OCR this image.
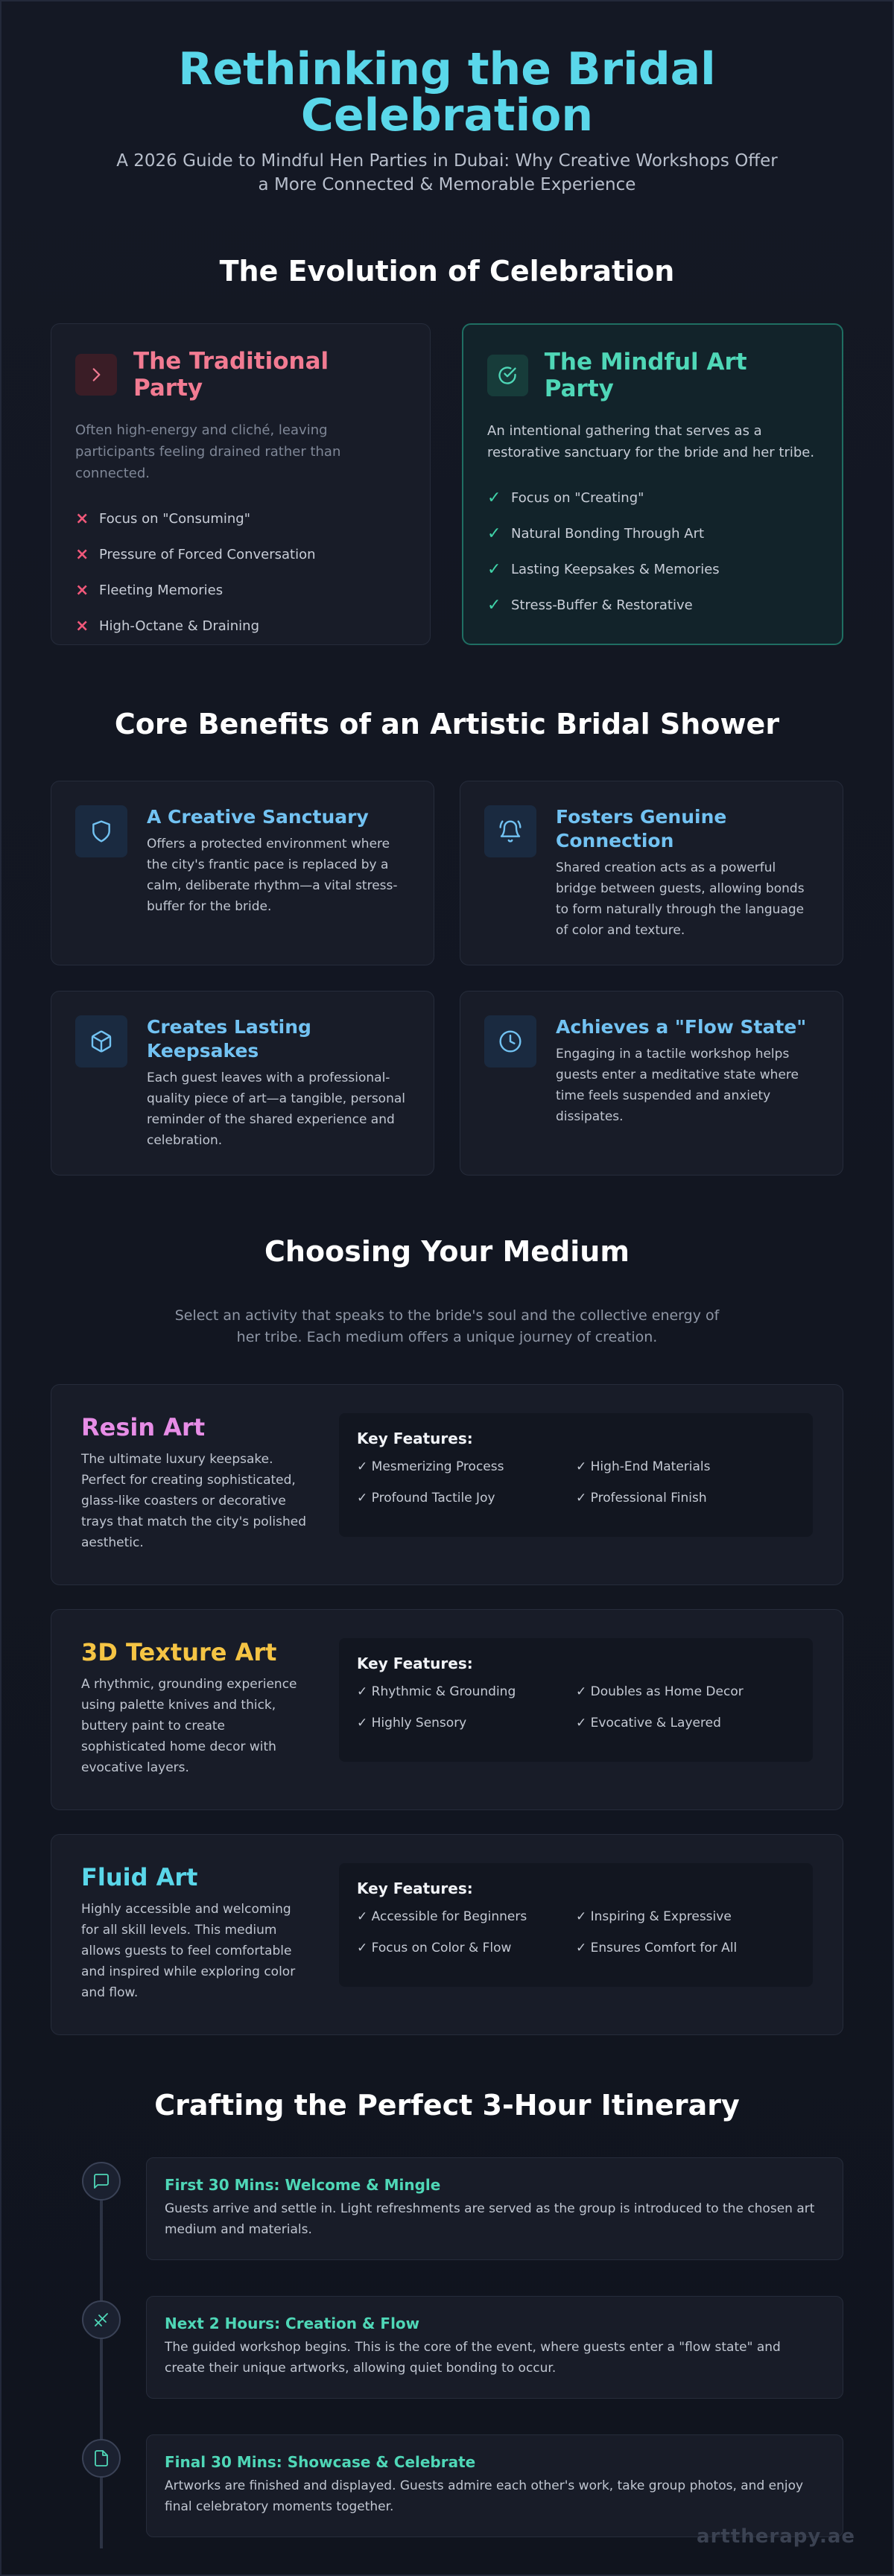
Rethinking the Bridal Celebration

A 2026 Guide to Mindful Hen Parties in Dubai: Why Creative Workshops Offer a More Connected & Memorable Experience

The Evolution of Celebration
The Traditional Party

Often high-energy and cliché, leaving participants feeling drained rather than connected.

× Focus on "Consuming"
× Pressure of Forced Conversation
× Fleeting Memories
× High-Octane & Draining
The Mindful Art Party

An intentional gathering that serves as a restorative sanctuary for the bride and her tribe.

✓ Focus on "Creating"
✓ Natural Bonding Through Art
✓ Lasting Keepsakes & Memories
✓ Stress-Buffer & Restorative
Core Benefits of an Artistic Bridal Shower
A Creative Sanctuary

Offers a protected environment where the city's frantic pace is replaced by a calm, deliberate rhythm—a vital stress-buffer for the bride.

Fosters Genuine Connection

Shared creation acts as a powerful bridge between guests, allowing bonds to form naturally through the language of color and texture.

Creates Lasting Keepsakes

Each guest leaves with a professional-quality piece of art—a tangible, personal reminder of the shared experience and celebration.

Achieves a "Flow State"

Engaging in a tactile workshop helps guests enter a meditative state where time feels suspended and anxiety dissipates.

Choosing Your Medium

Select an activity that speaks to the bride's soul and the collective energy of her tribe. Each medium offers a unique journey of creation.

Resin Art

The ultimate luxury keepsake. Perfect for creating sophisticated, glass-like coasters or decorative trays that match the city's polished aesthetic.

Key Features:
✓ Mesmerizing Process	✓ High-End Materials
✓ Profound Tactile Joy	✓ Professional Finish
3D Texture Art

A rhythmic, grounding experience using palette knives and thick, buttery paint to create sophisticated home decor with evocative layers.

Key Features:
✓ Rhythmic & Grounding	✓ Doubles as Home Decor
✓ Highly Sensory	✓ Evocative & Layered
Fluid Art

Highly accessible and welcoming for all skill levels. This medium allows guests to feel comfortable and inspired while exploring color and flow.

Key Features:
✓ Accessible for Beginners	✓ Inspiring & Expressive
✓ Focus on Color & Flow	✓ Ensures Comfort for All
Crafting the Perfect 3-Hour Itinerary
First 30 Mins: Welcome & Mingle

Guests arrive and settle in. Light refreshments are served as the group is introduced to the chosen art medium and materials.

Next 2 Hours: Creation & Flow

The guided workshop begins. This is the core of the event, where guests enter a "flow state" and create their unique artworks, allowing quiet bonding to occur.

Final 30 Mins: Showcase & Celebrate

Artworks are finished and displayed. Guests admire each other's work, take group photos, and enjoy final celebratory moments together.

arttherapy.ae
